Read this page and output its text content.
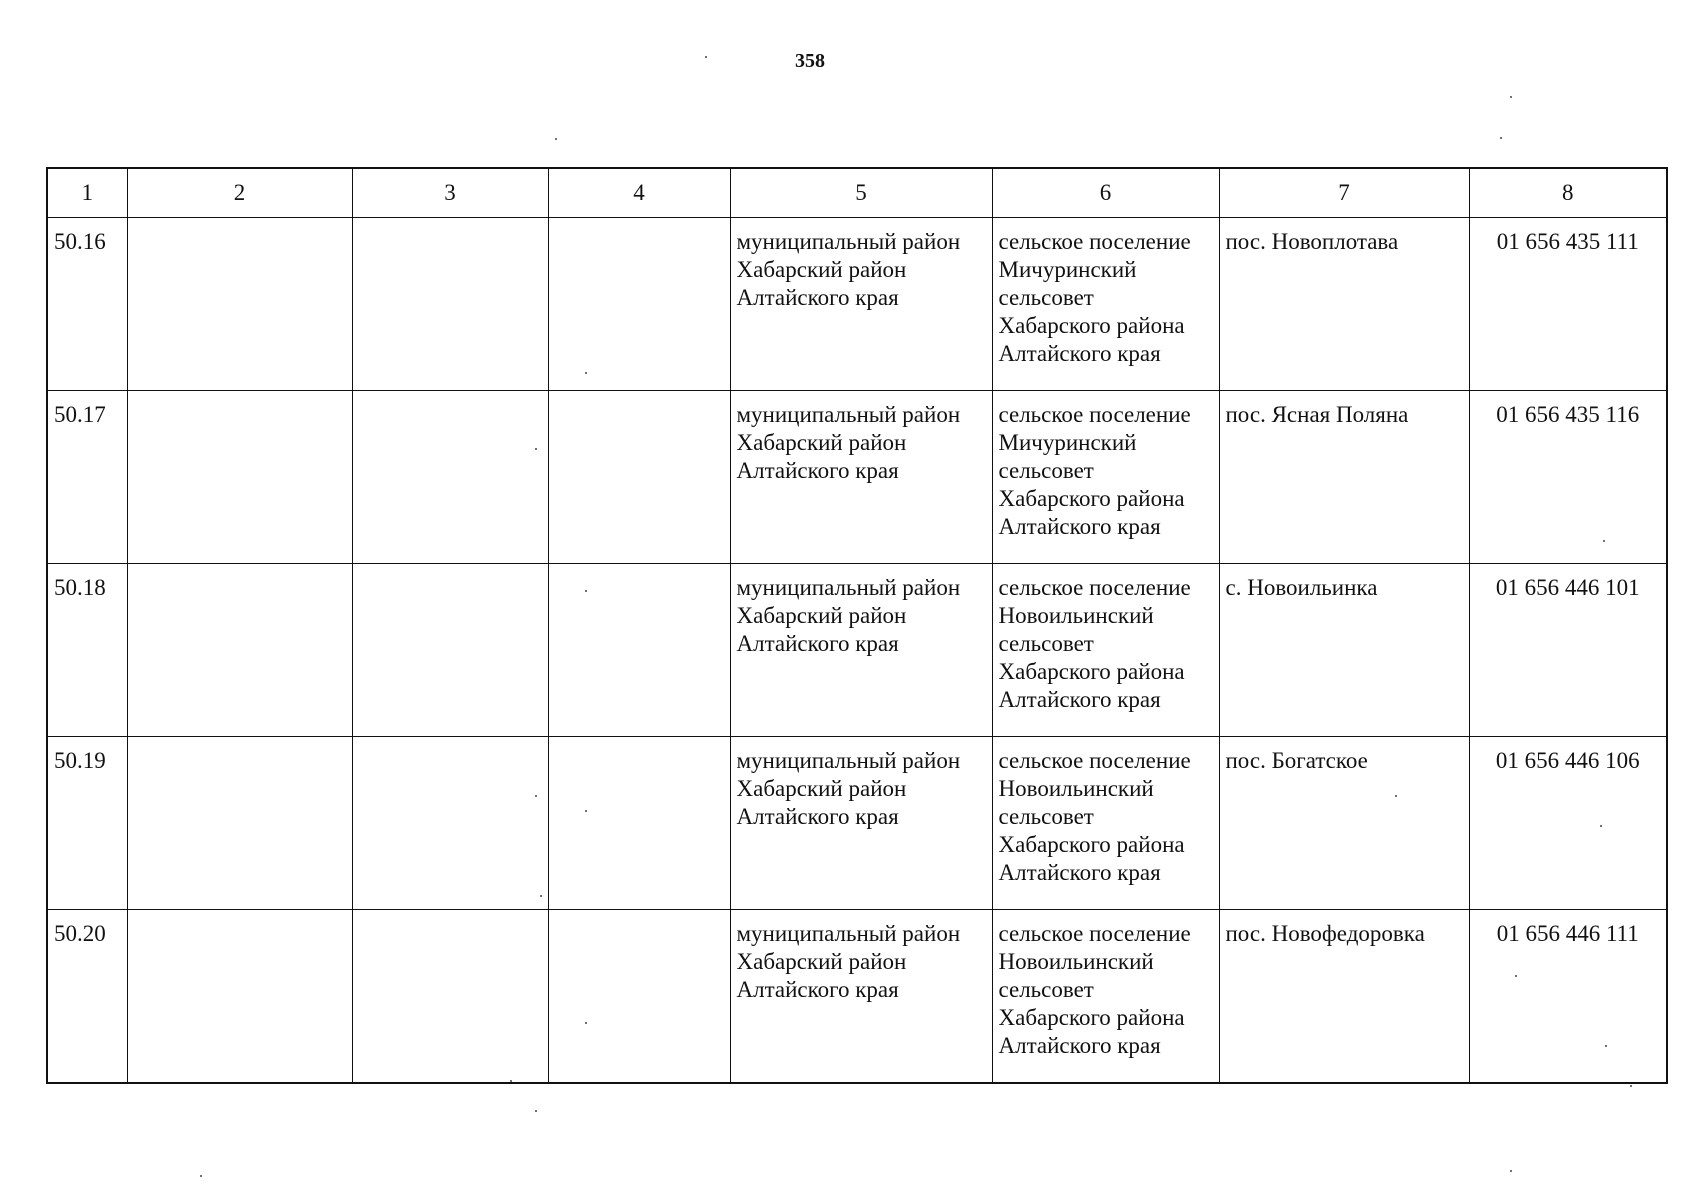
358
1	2	3	4	5	6	7	8
50.16				муниципальный район
Хабарский район
Алтайского края	сельское поселение
Мичуринский
сельсовет
Хабарского района
Алтайского края	пос. Новоплотава	01 656 435 111
50.17				муниципальный район
Хабарский район
Алтайского края	сельское поселение
Мичуринский
сельсовет
Хабарского района
Алтайского края	пос. Ясная Поляна	01 656 435 116
50.18				муниципальный район
Хабарский район
Алтайского края	сельское поселение
Новоильинский
сельсовет
Хабарского района
Алтайского края	с. Новоильинка	01 656 446 101
50.19				муниципальный район
Хабарский район
Алтайского края	сельское поселение
Новоильинский
сельсовет
Хабарского района
Алтайского края	пос. Богатское	01 656 446 106
50.20				муниципальный район
Хабарский район
Алтайского края	сельское поселение
Новоильинский
сельсовет
Хабарского района
Алтайского края	пос. Новофедоровка	01 656 446 111
